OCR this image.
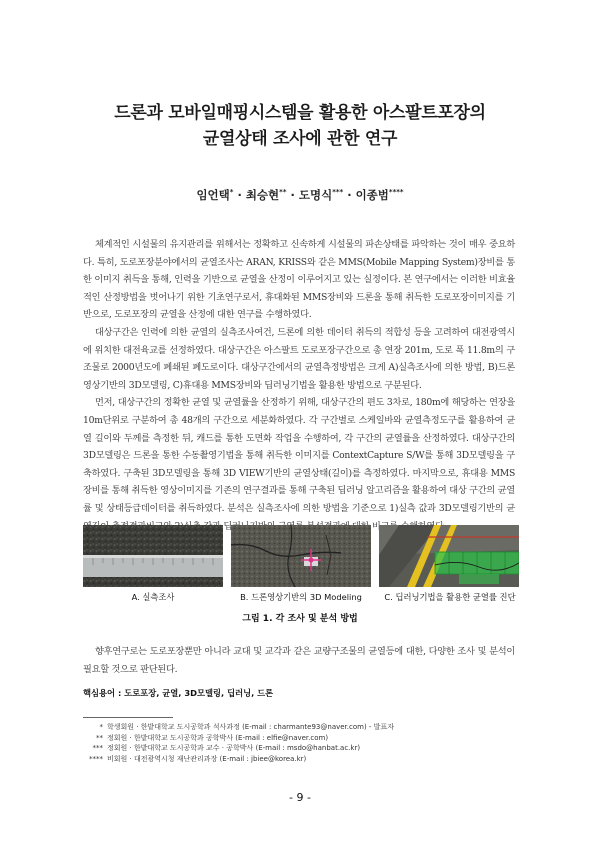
드론과 모바일매핑시스템을 활용한 아스팔트포장의
균열상태 조사에 관한 연구
임언택* · 최승현** · 도명식*** · 이종범****

체계적인 시설물의 유지관리를 위해서는 정확하고 신속하게 시설물의 파손상태를 파악하는 것이 매우 중요하다. 특히, 도로포장분야에서의 균열조사는 ARAN, KRISS와 같은 MMS(Mobile Mapping System)장비를 통한 이미지 취득을 통해, 인력을 기반으로 균열을 산정이 이루어지고 있는 실정이다. 본 연구에서는 이러한 비효율적인 산정방법을 벗어나기 위한 기초연구로서, 휴대화된 MMS장비와 드론을 통해 취득한 도로포장이미지를 기반으로, 도로포장의 균열을 산정에 대한 연구를 수행하였다.

대상구간은 인력에 의한 균열의 실측조사여건, 드론에 의한 데이터 취득의 적합성 등을 고려하여 대전광역시에 위치한 대전육교를 선정하였다. 대상구간은 아스팔트 도로포장구간으로 총 연장 201m, 도로 폭 11.8m의 구조물로 2000년도에 폐쇄된 폐도로이다. 대상구간에서의 균열측정방법은 크게 A)실측조사에 의한 방법, B)드론영상기반의 3D모델링, C)휴대용 MMS장비와 딥러닝기법을 활용한 방법으로 구분된다.

먼저, 대상구간의 정확한 균열 및 균열률을 산정하기 위해, 대상구간의 편도 3차로, 180m에 해당하는 연장을 10m단위로 구분하여 총 48개의 구간으로 세분화하였다. 각 구간별로 스케일바와 균열측정도구를 활용하여 균열 길이와 두께를 측정한 뒤, 캐드를 통한 도면화 작업을 수행하여, 각 구간의 균열률을 산정하였다. 대상구간의 3D모델링은 드론을 통한 수동촬영기법을 통해 취득한 이미지를 ContextCapture S/W를 통해 3D모델링을 구축하였다. 구축된 3D모델링을 통해 3D VIEW기반의 균열상태(길이)를 측정하였다. 마지막으로, 휴대용 MMS장비를 통해 취득한 영상이미지를 기존의 연구결과를 통해 구축된 딥러닝 알고리즘을 활용하여 대상 구간의 균열률 및 상태등급데이터를 취득하였다. 분석은 실측조사에 의한 방법을 기준으로 1)실측 값과 3D모델링기반의 균

A. 실측조사	B. 드론영상기반의 3D Modeling	C. 딥러닝기법을 활용한 균열률 진단
그림 1. 각 조사 및 분석 방법

향후연구로는 도로포장뿐만 아니라 교대 및 교각과 같은 교량구조물의 균열등에 대한, 다양한 조사 및 분석이 필요할 것으로 판단된다.

핵심용어 : 도로포장, 균열, 3D모델링, 딥러닝, 드론
* 학생회원 · 한밭대학교 도시공학과 석사과정 (E-mail : charmante93@naver.com) - 발표자
** 정회원 · 한밭대학교 도시공학과 공학박사 (E-mail : elfie@naver.com)
*** 정회원 · 한밭대학교 도시공학과 교수 · 공학박사 (E-mail : msdo@hanbat.ac.kr)
**** 비회원 · 대전광역시청 재난관리과장 (E-mail : jbiee@korea.kr)
- 9 -
